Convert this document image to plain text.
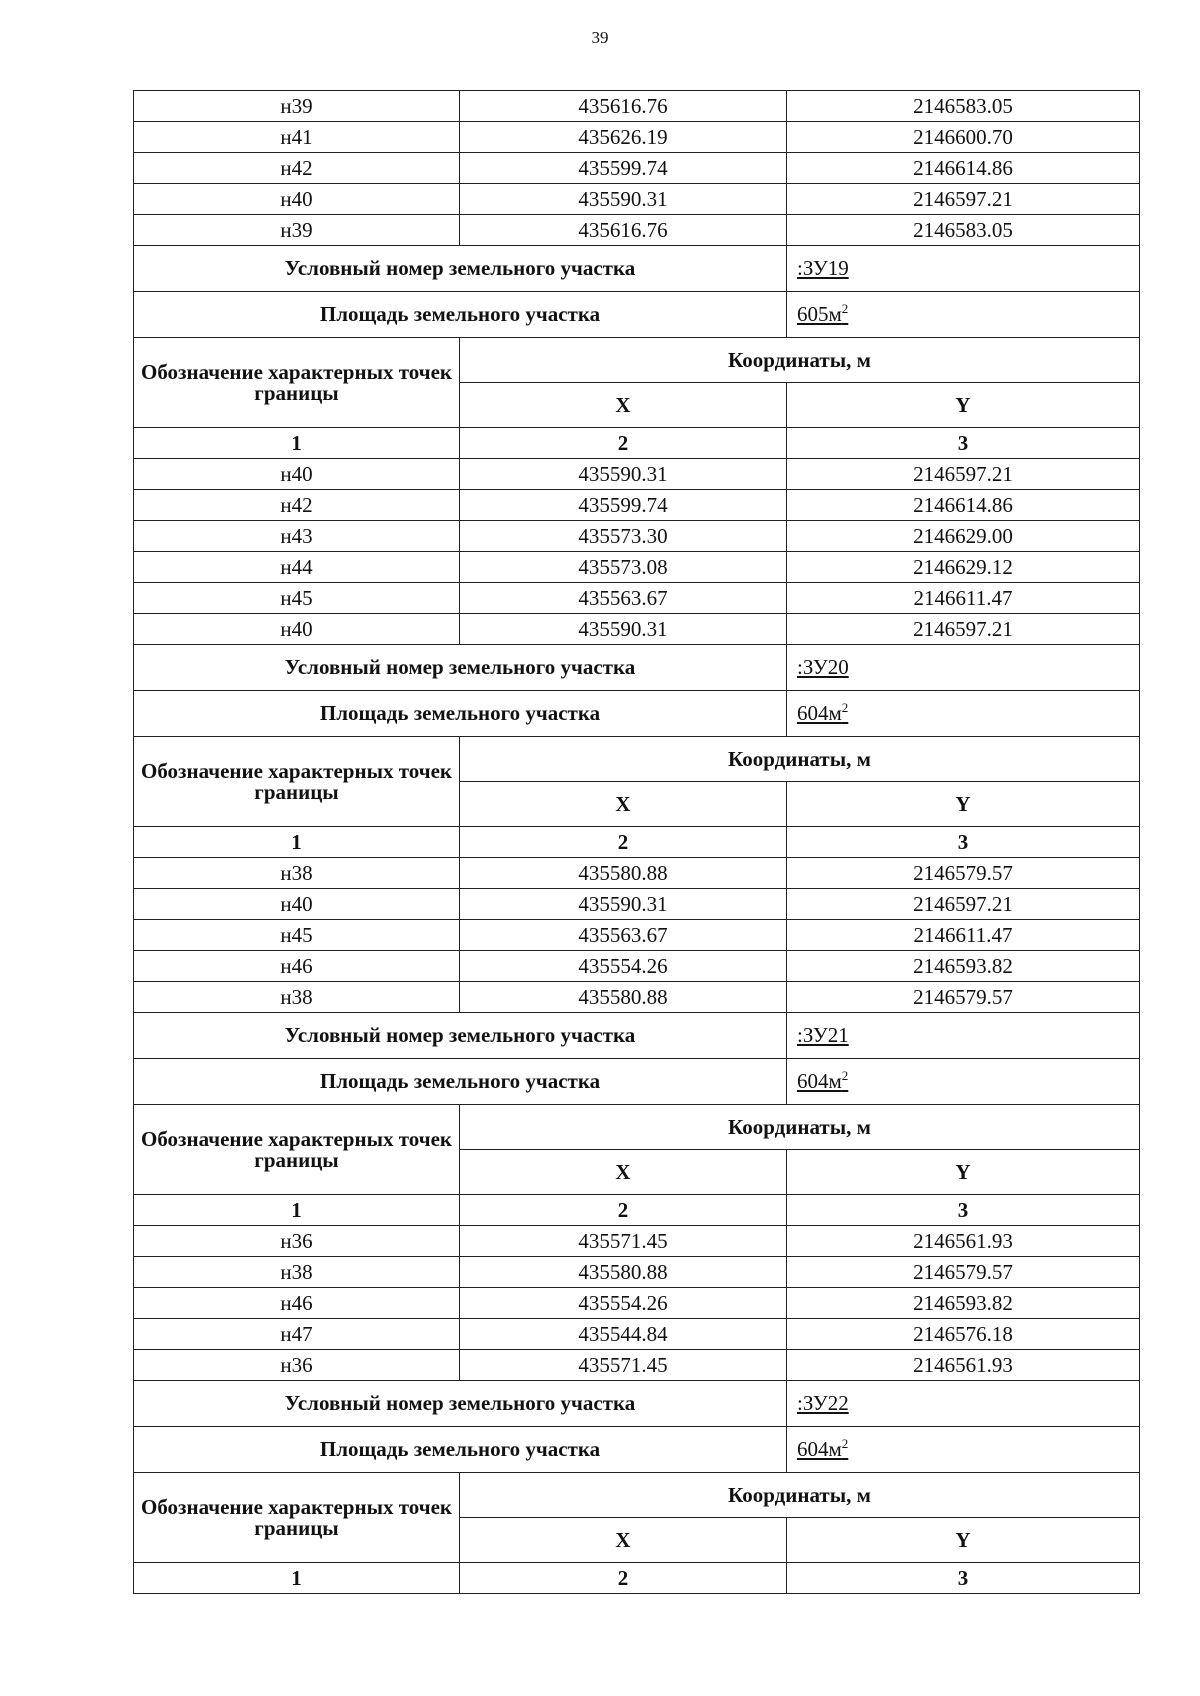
39
н39	435616.76	2146583.05
н41	435626.19	2146600.70
н42	435599.74	2146614.86
н40	435590.31	2146597.21
н39	435616.76	2146583.05
Условный номер земельного участка		:ЗУ19
Площадь земельного участка		$605м^2$
Обозначение характерных точек границы	Координаты, м	
	X	Y
1	2	3
н40	435590.31	2146597.21
н42	435599.74	2146614.86
н43	435573.30	2146629.00
н44	435573.08	2146629.12
н45	435563.67	2146611.47
н40	435590.31	2146597.21
Условный номер земельного участка		:ЗУ20
Площадь земельного участка		$604м^2$
Обозначение характерных точек границы	Координаты, м	
	X	Y
1	2	3
н38	435580.88	2146579.57
н40	435590.31	2146597.21
н45	435563.67	2146611.47
н46	435554.26	2146593.82
н38	435580.88	2146579.57
Условный номер земельного участка		:ЗУ21
Площадь земельного участка		$604м^2$
Обозначение характерных точек границы	Координаты, м	
	X	Y
1	2	3
н36	435571.45	2146561.93
н38	435580.88	2146579.57
н46	435554.26	2146593.82
н47	435544.84	2146576.18
н36	435571.45	2146561.93
Условный номер земельного участка		:ЗУ22
Площадь земельного участка		$604м^2$
Обозначение характерных точек границы	Координаты, м	
	X	Y
1	2	3
